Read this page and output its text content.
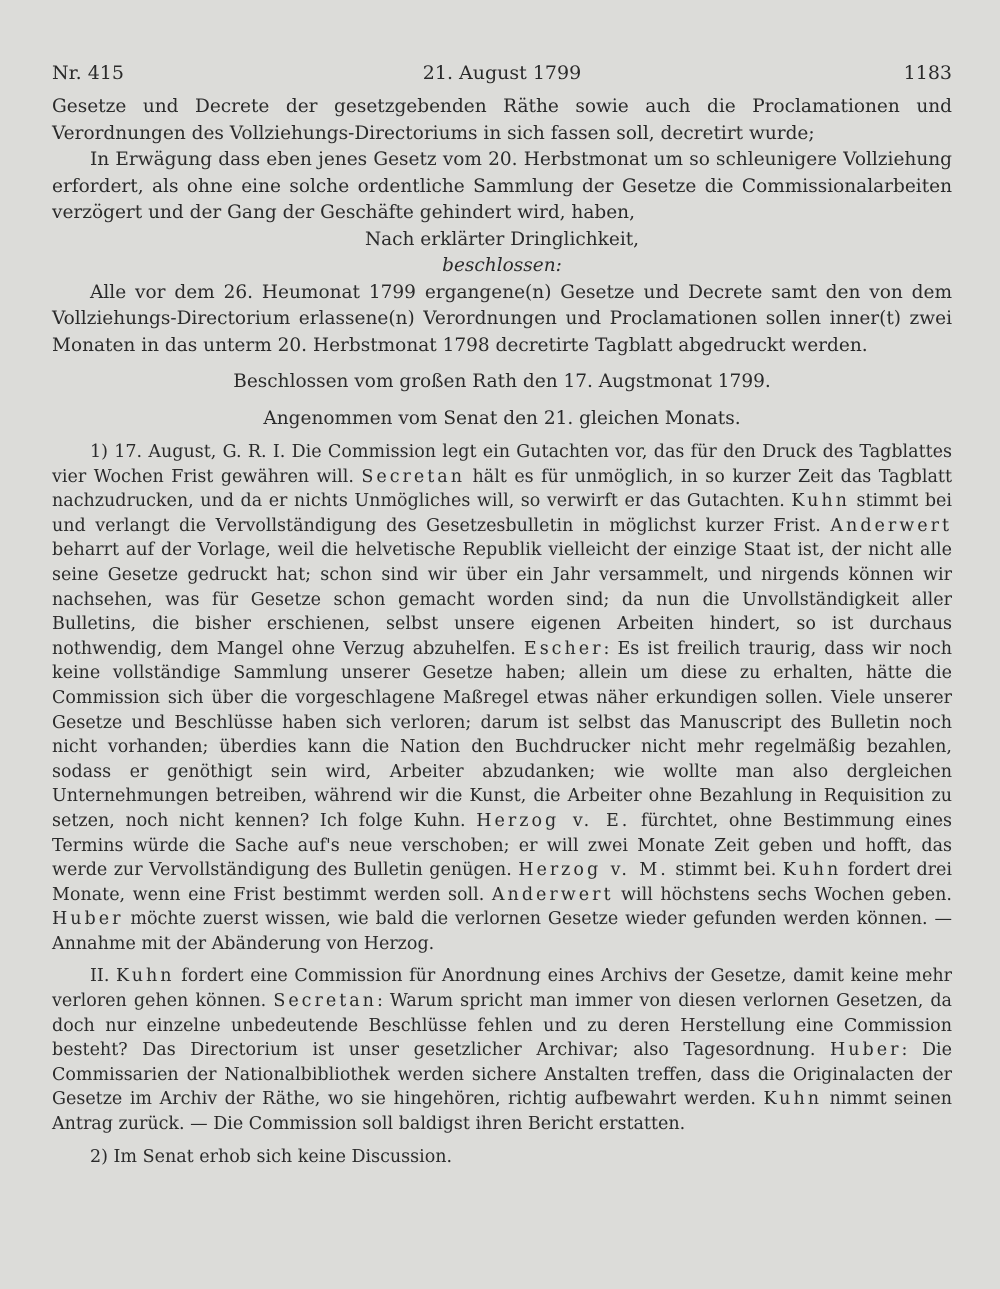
Nr. 415	21. August 1799	1183

Gesetze und Decrete der gesetzgebenden Räthe sowie auch die Proclamationen und Verordnungen des Vollziehungs-Directoriums in sich fassen soll, decretirt wurde;

In Erwägung dass eben jenes Gesetz vom 20. Herbstmonat um so schleunigere Vollziehung erfordert, als ohne eine solche ordentliche Sammlung der Gesetze die Commissionalarbeiten verzögert und der Gang der Geschäfte gehindert wird, haben,

Nach erklärter Dringlichkeit,

beschlossen:

Alle vor dem 26. Heumonat 1799 ergangene(n) Gesetze und Decrete samt den von dem Vollziehungs-Directorium erlassene(n) Verordnungen und Proclamationen sollen inner(t) zwei Monaten in das unterm 20. Herbstmonat 1798 decretirte Tagblatt abgedruckt werden.

Beschlossen vom großen Rath den 17. Augstmonat 1799.

Angenommen vom Senat den 21. gleichen Monats.

1) 17. August, G. R. I. Die Commission legt ein Gutachten vor, das für den Druck des Tagblattes vier Wochen Frist gewähren will. Secretan hält es für unmöglich, in so kurzer Zeit das Tagblatt nachzudrucken, und da er nichts Unmögliches will, so verwirft er das Gutachten. Kuhn stimmt bei und verlangt die Vervollständigung des Gesetzesbulletin in möglichst kurzer Frist. Anderwert beharrt auf der Vorlage, weil die helvetische Republik vielleicht der einzige Staat ist, der nicht alle seine Gesetze gedruckt hat; schon sind wir über ein Jahr versammelt, und nirgends können wir nachsehen, was für Gesetze schon gemacht worden sind; da nun die Unvollständigkeit aller Bulletins, die bisher erschienen, selbst unsere eigenen Arbeiten hindert, so ist durchaus nothwendig, dem Mangel ohne Verzug abzuhelfen. Escher: Es ist freilich traurig, dass wir noch keine vollständige Sammlung unserer Gesetze haben; allein um diese zu erhalten, hätte die Commission sich über die vorgeschlagene Maßregel etwas näher erkundigen sollen. Viele unserer Gesetze und Beschlüsse haben sich verloren; darum ist selbst das Manuscript des Bulletin noch nicht vorhanden; überdies kann die Nation den Buchdrucker nicht mehr regelmäßig bezahlen, sodass er genöthigt sein wird, Arbeiter abzudanken; wie wollte man also dergleichen Unternehmungen betreiben, während wir die Kunst, die Arbeiter ohne Bezahlung in Requisition zu setzen, noch nicht kennen? Ich folge Kuhn. Herzog v. E. fürchtet, ohne Bestimmung eines Termins würde die Sache auf's neue verschoben; er will zwei Monate Zeit geben und hofft, das werde zur Vervollständigung des Bulletin genügen. Herzog v. M. stimmt bei. Kuhn fordert drei Monate, wenn eine Frist bestimmt werden soll. Anderwert will höchstens sechs Wochen geben. Huber möchte zuerst wissen, wie bald die verlornen Gesetze wieder gefunden werden können. — Annahme mit der Abänderung von Herzog.

II. Kuhn fordert eine Commission für Anordnung eines Archivs der Gesetze, damit keine mehr verloren gehen können. Secretan: Warum spricht man immer von diesen verlornen Gesetzen, da doch nur einzelne unbedeutende Beschlüsse fehlen und zu deren Herstellung eine Commission besteht? Das Directorium ist unser gesetzlicher Archivar; also Tagesordnung. Huber: Die Commissarien der Nationalbibliothek werden sichere Anstalten treffen, dass die Originalacten der Gesetze im Archiv der Räthe, wo sie hingehören, richtig aufbewahrt werden. Kuhn nimmt seinen Antrag zurück. — Die Commission soll baldigst ihren Bericht erstatten.

2) Im Senat erhob sich keine Discussion.
